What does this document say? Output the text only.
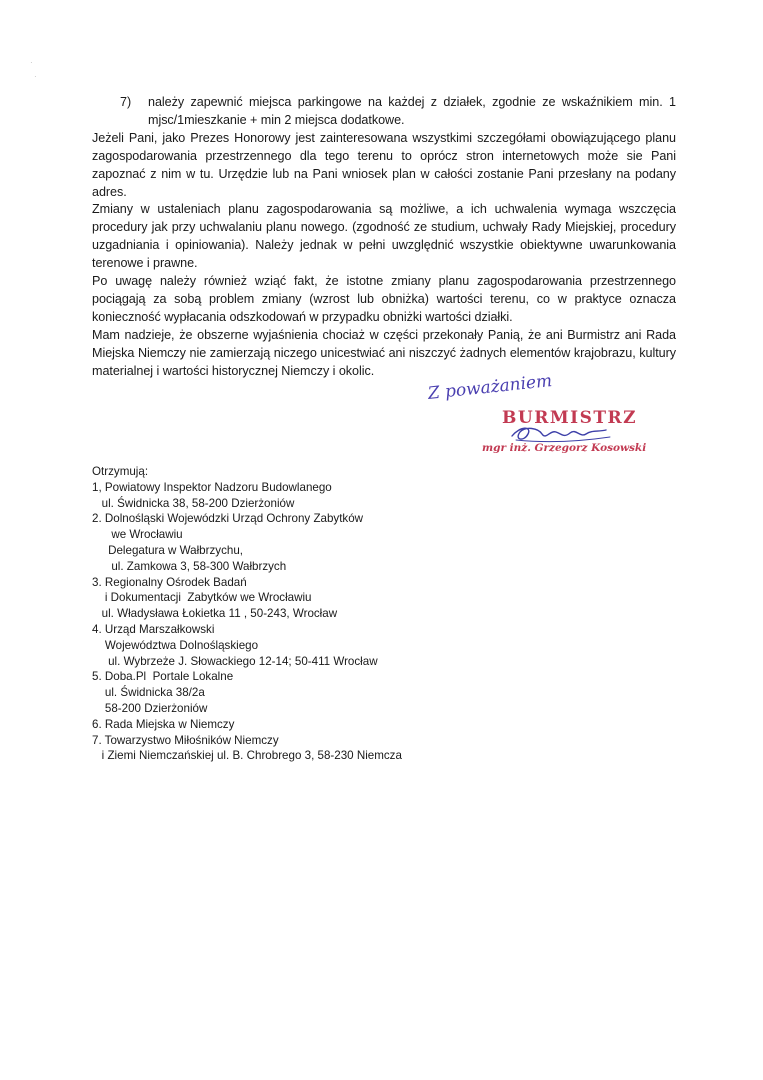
·
·
7)	należy zapewnić miejsca parkingowe na każdej z działek, zgodnie ze wskaźnikiem min. 1 mjsc/1mieszkanie + min 2 miejsca dodatkowe.

Jeżeli Pani, jako Prezes Honorowy jest zainteresowana wszystkimi szczegółami obowiązującego planu zagospodarowania przestrzennego dla tego terenu to oprócz stron internetowych może sie Pani zapoznać z nim w tu. Urzędzie lub na Pani wniosek plan w całości zostanie Pani przesłany na podany adres.

Zmiany w ustaleniach planu zagospodarowania są możliwe, a ich uchwalenia wymaga wszczęcia procedury jak przy uchwalaniu planu nowego. (zgodność ze studium, uchwały Rady Miejskiej, procedury uzgadniania i opiniowania). Należy jednak w pełni uwzględnić wszystkie obiektywne uwarunkowania terenowe i prawne.

Po uwagę należy również wziąć fakt, że istotne zmiany planu zagospodarowania przestrzennego pociągają za sobą problem zmiany (wzrost lub obniżka) wartości terenu, co w praktyce oznacza konieczność wypłacania odszkodowań w przypadku obniżki wartości działki.

Mam nadzieje, że obszerne wyjaśnienia chociaż w części przekonały Panią, że ani Burmistrz ani Rada Miejska Niemczy nie zamierzają niczego unicestwiać ani niszczyć żadnych elementów krajobrazu, kultury materialnej i wartości historycznej Niemczy i okolic.

Z poważaniem
BURMISTRZ
mgr inż. Grzegorz Kosowski
Otrzymują:
1, Powiatowy Inspektor Nadzoru Budowlanego
ul. Świdnicka 38, 58-200 Dzierżoniów
2. Dolnośląski Wojewódzki Urząd Ochrony Zabytków
we Wrocławiu
Delegatura w Wałbrzychu,
ul. Zamkowa 3, 58-300 Wałbrzych
3. Regionalny Ośrodek Badań
i Dokumentacji  Zabytków we Wrocławiu
ul. Władysława Łokietka 11 , 50-243, Wrocław
4. Urząd Marszałkowski
Województwa Dolnośląskiego
ul. Wybrzeże J. Słowackiego 12-14; 50-411 Wrocław
5. Doba.Pl  Portale Lokalne
ul. Świdnicka 38/2a
58-200 Dzierżoniów
6. Rada Miejska w Niemczy
7. Towarzystwo Miłośników Niemczy
i Ziemi Niemczańskiej ul. B. Chrobrego 3, 58-230 Niemcza
